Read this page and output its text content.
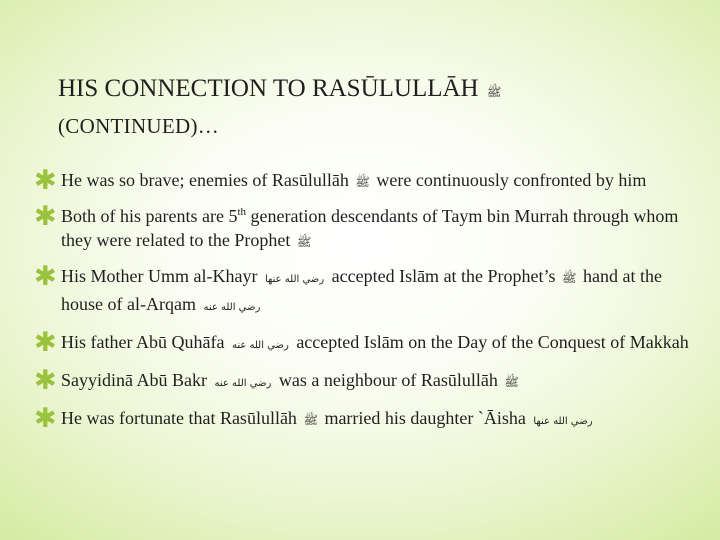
HIS CONNECTION TO RASŪLULLĀH ﷺ
(CONTINUED)…
✱ He was so brave; enemies of Rasūlullāh ﷺ were continuously confronted by him
✱ Both of his parents are 5th generation descendants of Taym bin Murrah through whom they were related to the Prophet ﷺ
✱ His Mother Umm al-Khayr رضي الله عنها accepted Islām at the Prophet’s ﷺ hand at the house of al-Arqam رضي الله عنه
✱ His father Abū Quhāfa رضي الله عنه accepted Islām on the Day of the Conquest of Makkah
✱ Sayyidinā Abū Bakr رضي الله عنه was a neighbour of Rasūlullāh ﷺ
✱ He was fortunate that Rasūlullāh ﷺ married his daughter `Āisha رضي الله عنها
